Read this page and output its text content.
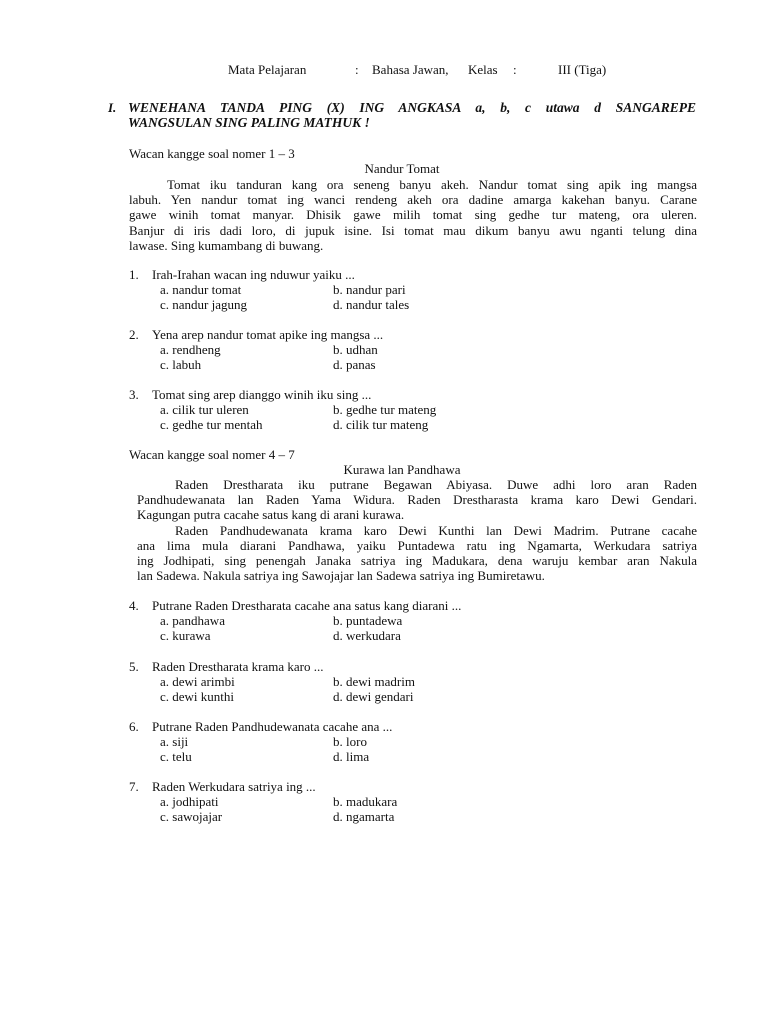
Mata Pelajaran	: Bahasa Jawan, Kelas :	III (Tiga)
I. WENEHANA TANDA PING (X) ING ANGKASA a, b, c utawa d SANGAREPE
WANGSULAN SING PALING MATHUK !
Wacan kangge soal nomer 1 – 3
Nandur Tomat
Tomat iku tanduran kang ora seneng banyu akeh. Nandur tomat sing apik ing mangsa
labuh. Yen nandur tomat ing wanci rendeng akeh ora dadine amarga kakehan banyu. Carane
gawe winih tomat manyar. Dhisik gawe milih tomat sing gedhe tur mateng, ora uleren.
Banjur di iris dadi loro, di jupuk isine. Isi tomat mau dikum banyu awu nganti telung dina
lawase. Sing kumambang di buwang.
1. Irah-Irahan wacan ing nduwur yaiku ...
a. nandur tomat	b. nandur pari
c. nandur jagung	d. nandur tales
2. Yena arep nandur tomat apike ing mangsa ...
a. rendheng	b. udhan
c. labuh	d. panas
3. Tomat sing arep dianggo winih iku sing ...
a. cilik tur uleren	b. gedhe tur mateng
c. gedhe tur mentah	d. cilik tur mateng
Wacan kangge soal nomer 4 – 7
Kurawa lan Pandhawa
Raden Drestharata iku putrane Begawan Abiyasa. Duwe adhi loro aran Raden
Pandhudewanata lan Raden Yama Widura. Raden Drestharasta krama karo Dewi Gendari.
Kagungan putra cacahe satus kang di arani kurawa.
Raden Pandhudewanata krama karo Dewi Kunthi lan Dewi Madrim. Putrane cacahe
ana lima mula diarani Pandhawa, yaiku Puntadewa ratu ing Ngamarta, Werkudara satriya
ing Jodhipati, sing penengah Janaka satriya ing Madukara, dena waruju kembar aran Nakula
lan Sadewa. Nakula satriya ing Sawojajar lan Sadewa satriya ing Bumiretawu.
4. Putrane Raden Drestharata cacahe ana satus kang diarani ...
a. pandhawa	b. puntadewa
c. kurawa	d. werkudara
5. Raden Drestharata krama karo ...
a. dewi arimbi	b. dewi madrim
c. dewi kunthi	d. dewi gendari
6. Putrane Raden Pandhudewanata cacahe ana ...
a. siji	b. loro
c. telu	d. lima
7. Raden Werkudara satriya ing ...
a. jodhipati	b. madukara
c. sawojajar	d. ngamarta
